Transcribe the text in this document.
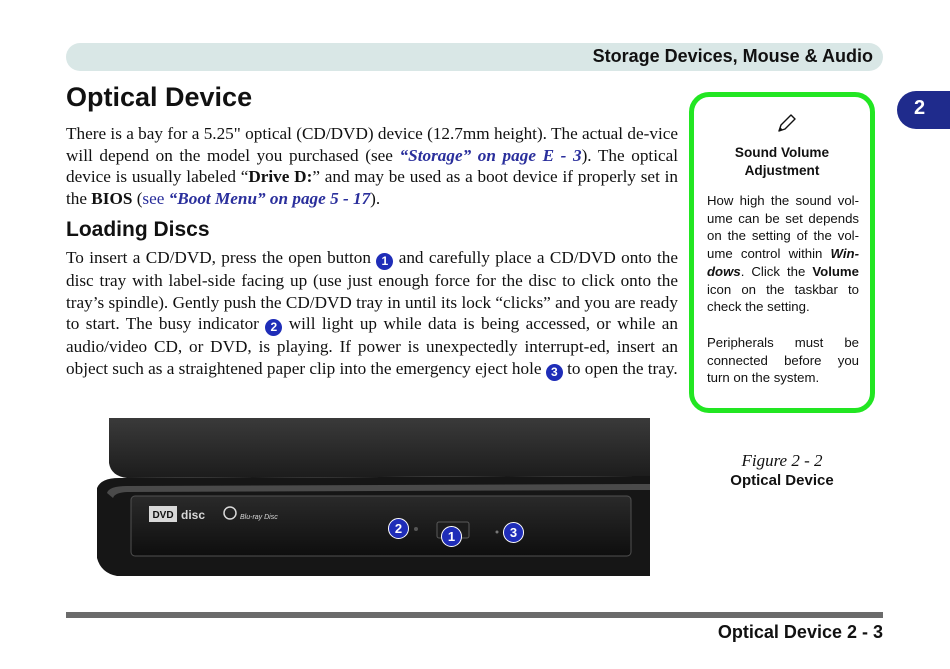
Storage Devices, Mouse & Audio
2
Optical Device

There is a bay for a 5.25" optical (CD/DVD) device (12.7mm height). The actual de-vice will depend on the model you purchased (see “Storage” on page E - 3). The optical device is usually labeled “Drive D:” and may be used as a boot device if properly set in the BIOS (see “Boot Menu” on page 5 - 17).

Loading Discs

To insert a CD/DVD, press the open button 1 and carefully place a CD/DVD onto the disc tray with label-side facing up (use just enough force for the disc to click onto the tray’s spindle). Gently push the CD/DVD tray in until its lock “clicks” and you are ready to start. The busy indicator 2 will light up while data is being accessed, or while an audio/video CD, or DVD, is playing. If power is unexpectedly interrupt-ed, insert an object such as a straightened paper clip into the emergency eject hole 3 to open the tray.

Sound Volume Adjustment

How high the sound vol-ume can be set depends on the setting of the vol-ume control within Win-dows. Click the Volume icon on the taskbar to check the setting.

Peripherals must be connected before you turn on the system.

Figure 2 - 2
Optical Device
DVD disc	Blu-ray Disc
2
1	3
Optical Device 2 - 3
